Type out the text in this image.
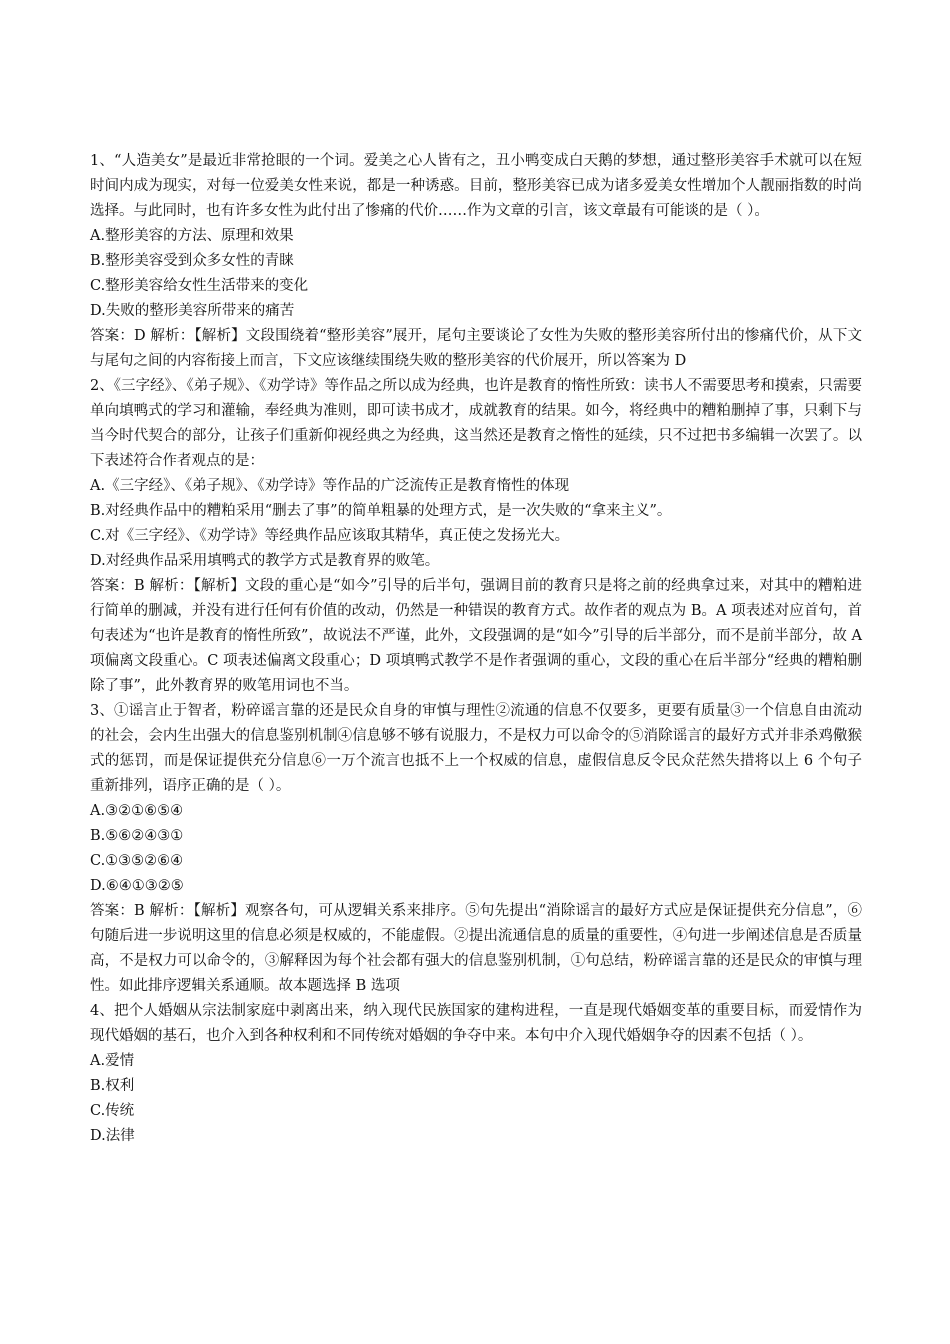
1、“人造美女”是最近非常抢眼的一个词。爱美之心人皆有之，丑小鸭变成白天鹅的梦想，通过整形美容手术就可以在短时间内成为现实，对每一位爱美女性来说，都是一种诱惑。目前，整形美容已成为诸多爱美女性增加个人靓丽指数的时尚选择。与此同时，也有许多女性为此付出了惨痛的代价……作为文章的引言，该文章最有可能谈的是（ ）。

A.整形美容的方法、原理和效果

B.整形美容受到众多女性的青睐

C.整形美容给女性生活带来的变化

D.失败的整形美容所带来的痛苦

答案：D 解析：【解析】文段围绕着“整形美容”展开，尾句主要谈论了女性为失败的整形美容所付出的惨痛代价，从下文与尾句之间的内容衔接上而言，下文应该继续围绕失败的整形美容的代价展开，所以答案为 D

2、《三字经》、《弟子规》、《劝学诗》等作品之所以成为经典，也许是教育的惰性所致：读书人不需要思考和摸索，只需要单向填鸭式的学习和灌输，奉经典为准则，即可读书成才，成就教育的结果。如今，将经典中的糟粕删掉了事，只剩下与当今时代契合的部分，让孩子们重新仰视经典之为经典，这当然还是教育之惰性的延续，只不过把书多编辑一次罢了。以下表述符合作者观点的是：

A.《三字经》、《弟子规》、《劝学诗》等作品的广泛流传正是教育惰性的体现

B.对经典作品中的糟粕采用“删去了事”的简单粗暴的处理方式，是一次失败的“拿来主义”。

C.对《三字经》、《劝学诗》等经典作品应该取其精华，真正使之发扬光大。

D.对经典作品采用填鸭式的教学方式是教育界的败笔。

答案：B 解析：【解析】文段的重心是“如今”引导的后半句，强调目前的教育只是将之前的经典拿过来，对其中的糟粕进行简单的删减，并没有进行任何有价值的改动，仍然是一种错误的教育方式。故作者的观点为 B。A 项表述对应首句，首句表述为“也许是教育的惰性所致”，故说法不严谨，此外，文段强调的是“如今”引导的后半部分，而不是前半部分，故 A 项偏离文段重心。C 项表述偏离文段重心；D 项填鸭式教学不是作者强调的重心，文段的重心在后半部分“经典的糟粕删除了事”，此外教育界的败笔用词也不当。

3、①谣言止于智者，粉碎谣言靠的还是民众自身的审慎与理性②流通的信息不仅要多，更要有质量③一个信息自由流动的社会，会内生出强大的信息鉴别机制④信息够不够有说服力，不是权力可以命令的⑤消除谣言的最好方式并非杀鸡儆猴式的惩罚，而是保证提供充分信息⑥一万个流言也抵不上一个权威的信息，虚假信息反令民众茫然失措将以上 6 个句子重新排列，语序正确的是（ ）。

A.③②①⑥⑤④

B.⑤⑥②④③①

C.①③⑤②⑥④

D.⑥④①③②⑤

答案：B 解析：【解析】观察各句，可从逻辑关系来排序。⑤句先提出“消除谣言的最好方式应是保证提供充分信息”，⑥句随后进一步说明这里的信息必须是权威的，不能虚假。②提出流通信息的质量的重要性，④句进一步阐述信息是否质量高，不是权力可以命令的，③解释因为每个社会都有强大的信息鉴别机制，①句总结，粉碎谣言靠的还是民众的审慎与理性。如此排序逻辑关系通顺。故本题选择 B 选项

4、把个人婚姻从宗法制家庭中剥离出来，纳入现代民族国家的建构进程，一直是现代婚姻变革的重要目标，而爱情作为现代婚姻的基石，也介入到各种权利和不同传统对婚姻的争夺中来。本句中介入现代婚姻争夺的因素不包括（ ）。

A.爱情

B.权利

C.传统

D.法律
